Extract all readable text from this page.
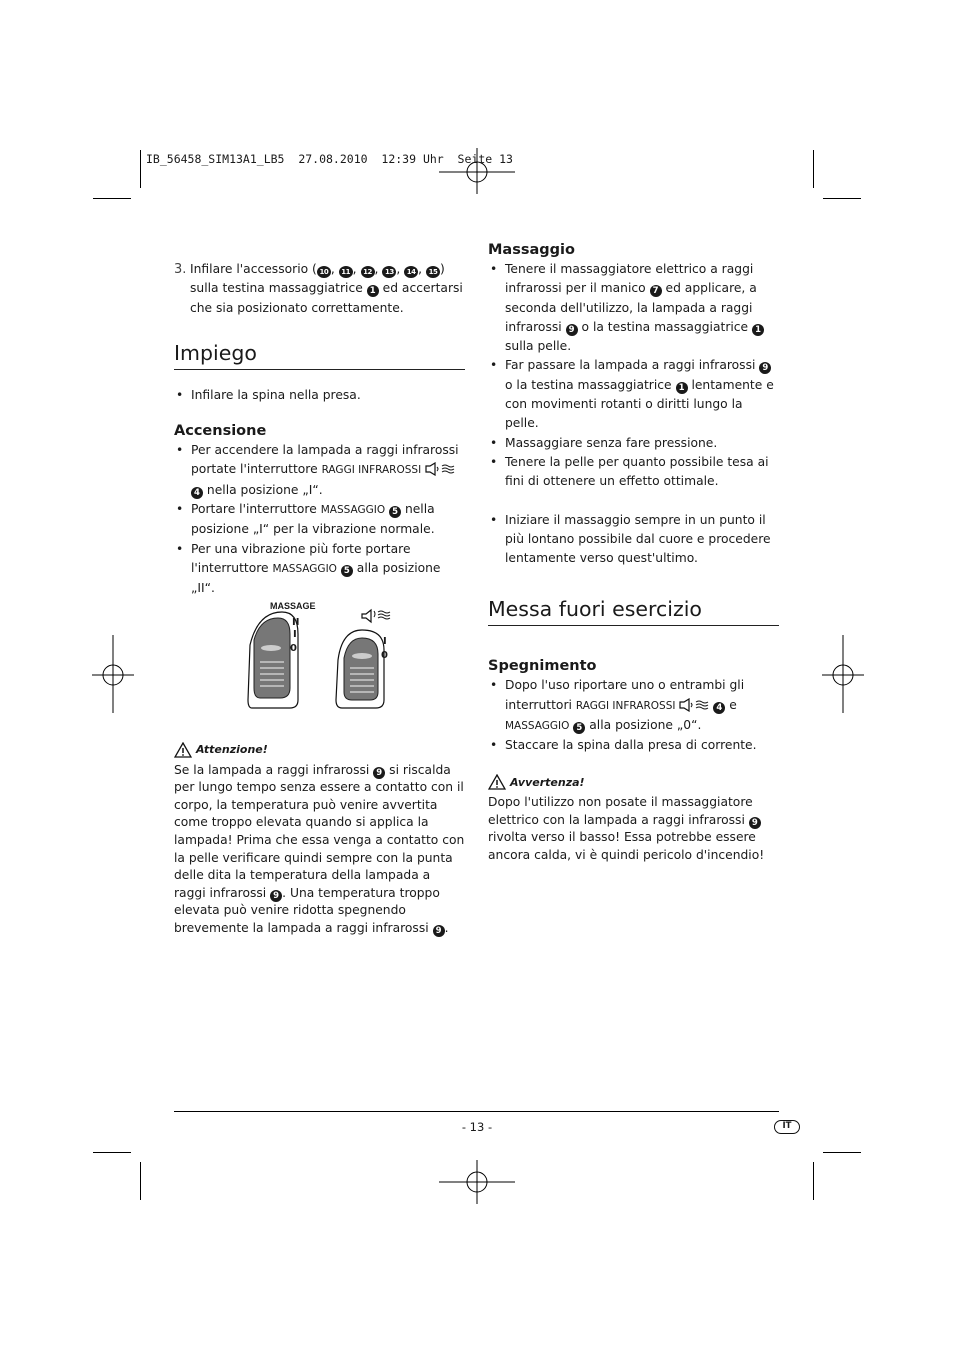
IB_56458_SIM13A1_LB5  27.08.2010  12:39 Uhr  Seite 13
3. Infilare l'accessorio ( 10 , 11 , 12 , 13 , 14 , 15 ) sulla testina massaggiatrice 1 ed accertarsi che sia posizionato correttamente.
Impiego
• Infilare la spina nella presa.
Accensione
• Per accendere la lampada a raggi infrarossi portate l'interruttore RAGGI INFRAROSSI  4 nella posizione „I“.
• Portare l'interruttore MASSAGGIO 5 nella posizione „I“ per la vibrazione normale.
• Per una vibrazione più forte portare l'interruttore MASSAGGIO 5 alla posizione „II“.
MASSAGE
II
I
0
I
0
Attenzione!
Se la lampada a raggi infrarossi 9 si riscalda per lungo tempo senza essere a contatto con il corpo, la temperatura può venire avvertita come troppo elevata quando si applica la lampada! Prima che essa venga a contatto con la pelle verificare quindi sempre con la punta delle dita la temperatura della lampada a raggi infrarossi 9 . Una temperatura troppo elevata può venire ridotta spegnendo brevemente la lampada a raggi infrarossi 9 .
Massaggio
• Tenere il massaggiatore elettrico a raggi infrarossi per il manico 7 ed applicare, a seconda dell'utilizzo, la lampada a raggi infrarossi 9 o la testina massaggiatrice 1 sulla pelle.
• Far passare la lampada a raggi infrarossi 9 o la testina massaggiatrice 1 lentamente e con movimenti rotanti o diritti lungo la pelle.
• Massaggiare senza fare pressione.
• Tenere la pelle per quanto possibile tesa ai fini di ottenere un effetto ottimale.
• Iniziare il massaggio sempre in un punto il più lontano possibile dal cuore e procedere lentamente verso quest'ultimo.
Messa fuori esercizio
Spegnimento
• Dopo l'uso riportare uno o entrambi gli interruttori RAGGI INFRAROSSI	4 e MASSAGGIO 5 alla posizione „0“.
• Staccare la spina dalla presa di corrente.
Avvertenza!
Dopo l'utilizzo non posate il massaggiatore elettrico con la lampada a raggi infrarossi 9 rivolta verso il basso! Essa potrebbe essere ancora calda, vi è quindi pericolo d'incendio!
- 13 -	IT
